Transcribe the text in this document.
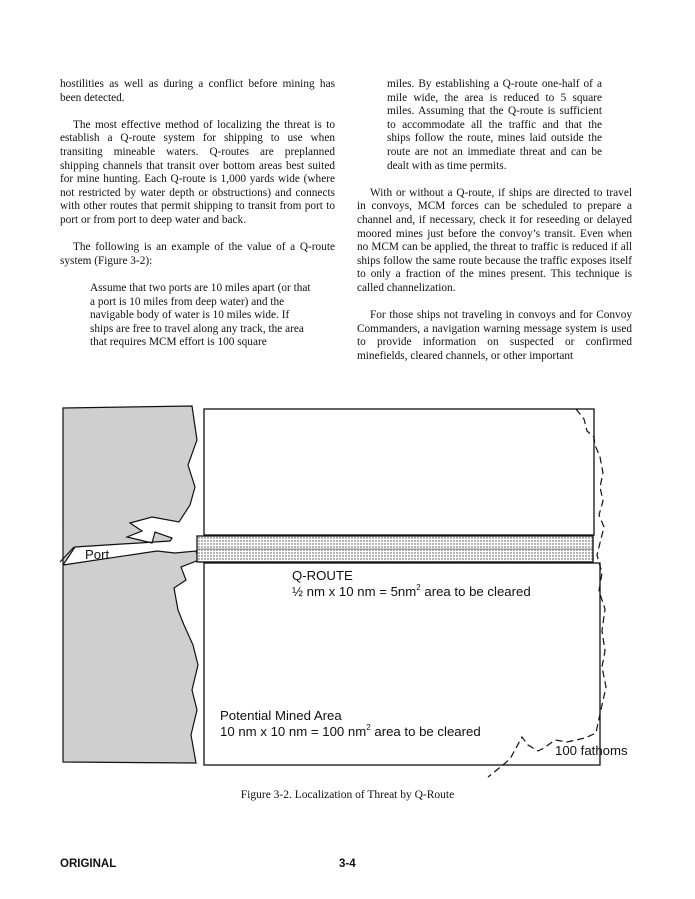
hostilities as well as during a conflict before mining has been detected.

The most effective method of localizing the threat is to establish a Q-route system for shipping to use when transiting mineable waters. Q-routes are preplanned shipping channels that transit over bottom areas best suited for mine hunting. Each Q-route is 1,000 yards wide (where not restricted by water depth or obstructions) and connects with other routes that permit shipping to transit from port to port or from port to deep water and back.

The following is an example of the value of a Q-route system (Figure 3-2):

Assume that two ports are 10 miles apart (or that a port is 10 miles from deep water) and the navigable body of water is 10 miles wide. If ships are free to travel along any track, the area that requires MCM effort is 100 square

miles. By establishing a Q-route one-half of a mile wide, the area is reduced to 5 square miles. Assuming that the Q-route is sufficient to accommodate all the traffic and that the ships follow the route, mines laid outside the route are not an immediate threat and can be dealt with as time permits.

With or without a Q-route, if ships are directed to travel in convoys, MCM forces can be scheduled to prepare a channel and, if necessary, check it for reseeding or delayed moored mines just before the convoy’s transit. Even when no MCM can be applied, the threat to traffic is reduced if all ships follow the same route because the traffic exposes itself to only a fraction of the mines present. This technique is called channelization.

For those ships not traveling in convoys and for Convoy Commanders, a navigation warning message system is used to provide information on suspected or confirmed minefields, cleared channels, or other important

Port
Q-ROUTE
½ nm x 10 nm = $5nm^2$ area to be cleared
Potential Mined Area
10 nm x 10 nm = 100 $nm^2$ area to be cleared
100 fathoms
Figure 3-2. Localization of Threat by Q-Route
ORIGINAL	3-4
